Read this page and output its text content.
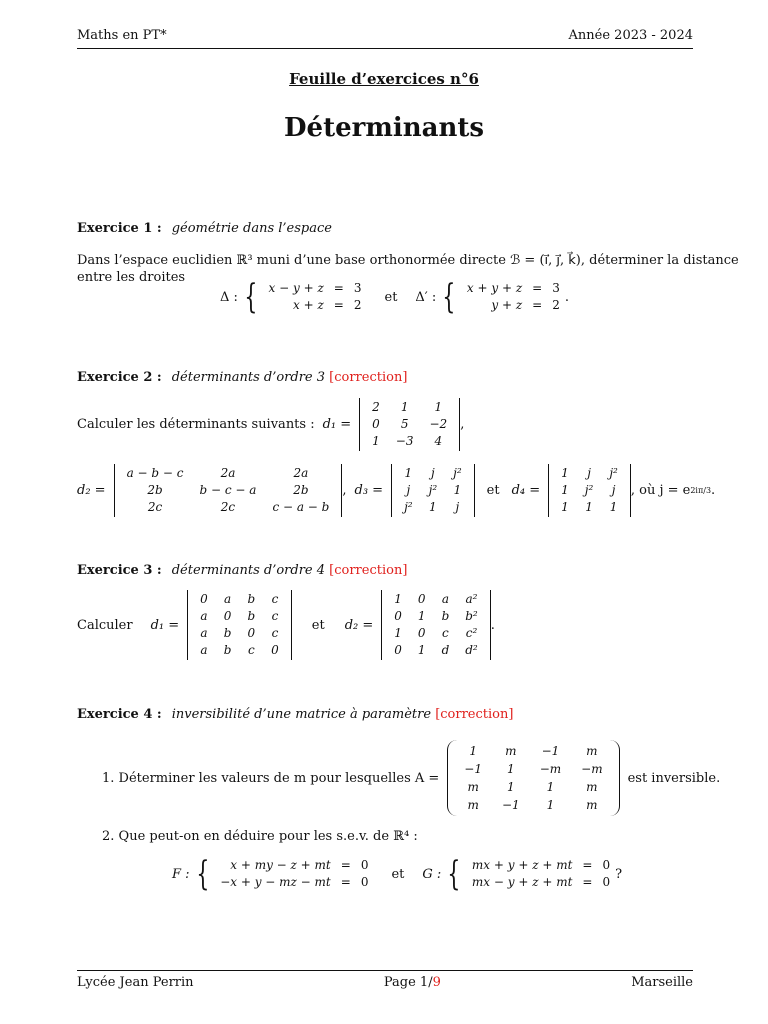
Maths en PT*	Année 2023 - 2024
Feuille d’exercices n°6
Déterminants
Exercice 1 : géométrie dans l’espace
Dans l’espace euclidien ℝ³ muni d’une base orthonormée directe ℬ = (i⃗, j⃗, k⃗), déterminer la distance
entre les droites
Δ : { x − y + z	=	3
x + z	=	2
et Δ′ : { x + y + z	=	3
y + z	=	2
.
Exercice 2 : déterminants d’ordre 3 [correction]
Calculer les déterminants suivants : d₁ =
2	1	1
0	5	−2
1	−3	4
,
d₂ =
a − b − c	2a	2a
2b	b − c − a	2b
2c	2c	c − a − b
, d₃ =
1	j	j²
j	j²	1
j²	1	j
et d₄ =
1	j	j²
1	j²	j
1	1	1
, où j = e 2iπ/3 .
Exercice 3 : déterminants d’ordre 4 [correction]
Calculer d₁ =
0	a	b	c
a	0	b	c
a	b	0	c
a	b	c	0
et d₂ =
1	0	a	a²
0	1	b	b²
1	0	c	c²
0	1	d	d²
.
Exercice 4 : inversibilité d’une matrice à paramètre [correction]
1. Déterminer les valeurs de m pour lesquelles A =
1	m	−1	m
−1	1	−m	−m
m	1	1	m
m	−1	1	m
est inversible.
2. Que peut-on en déduire pour les s.e.v. de ℝ⁴ :
F : { x + my − z + mt	=	0
−x + y − mz − mt	=	0
et G : { mx + y + z + mt	=	0
mx − y + z + mt	=	0
?
Lycée Jean Perrin	Page 1/9	Marseille
